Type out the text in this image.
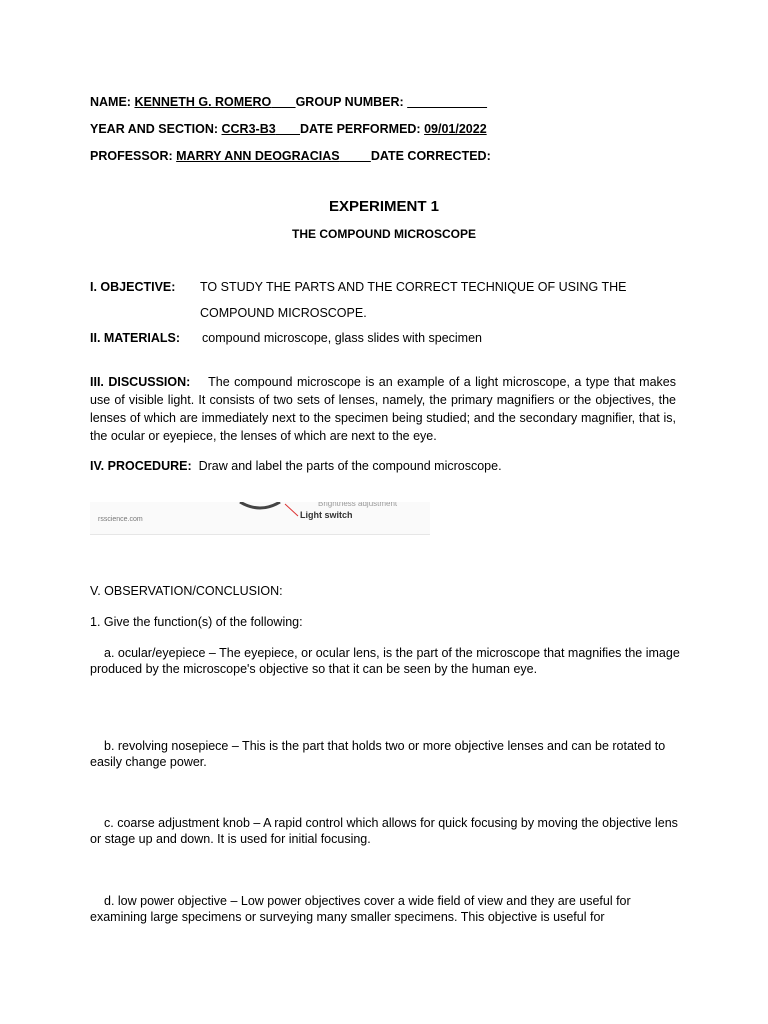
NAME: KENNETH G. ROMERO GROUP NUMBER:
YEAR AND SECTION: CCR3-B3 DATE PERFORMED: 09/01/2022
PROFESSOR: MARRY ANN DEOGRACIAS	DATE CORRECTED:
EXPERIMENT 1
THE COMPOUND MICROSCOPE
I. OBJECTIVE: TO STUDY THE PARTS AND THE CORRECT TECHNIQUE OF USING THE
COMPOUND MICROSCOPE.
II. MATERIALS: compound microscope, glass slides with specimen
III. DISCUSSION: The compound microscope is an example of a light microscope, a type that makes use of visible light. It consists of two sets of lenses, namely, the primary magnifiers or the objectives, the lenses of which are immediately next to the specimen being studied; and the secondary magnifier, that is, the ocular or eyepiece, the lenses of which are next to the eye.
IV. PROCEDURE: Draw and label the parts of the compound microscope.
Brightness adjustment
Light switch
rsscience.com
V. OBSERVATION/CONCLUSION:
1. Give the function(s) of the following:
a. ocular/eyepiece – The eyepiece, or ocular lens, is the part of the microscope that magnifies the image produced by the microscope's objective so that it can be seen by the human eye.
b. revolving nosepiece – This is the part that holds two or more objective lenses and can be rotated to easily change power.
c. coarse adjustment knob – A rapid control which allows for quick focusing by moving the objective lens or stage up and down. It is used for initial focusing.
d. low power objective – Low power objectives cover a wide field of view and they are useful for examining large specimens or surveying many smaller specimens. This objective is useful for
